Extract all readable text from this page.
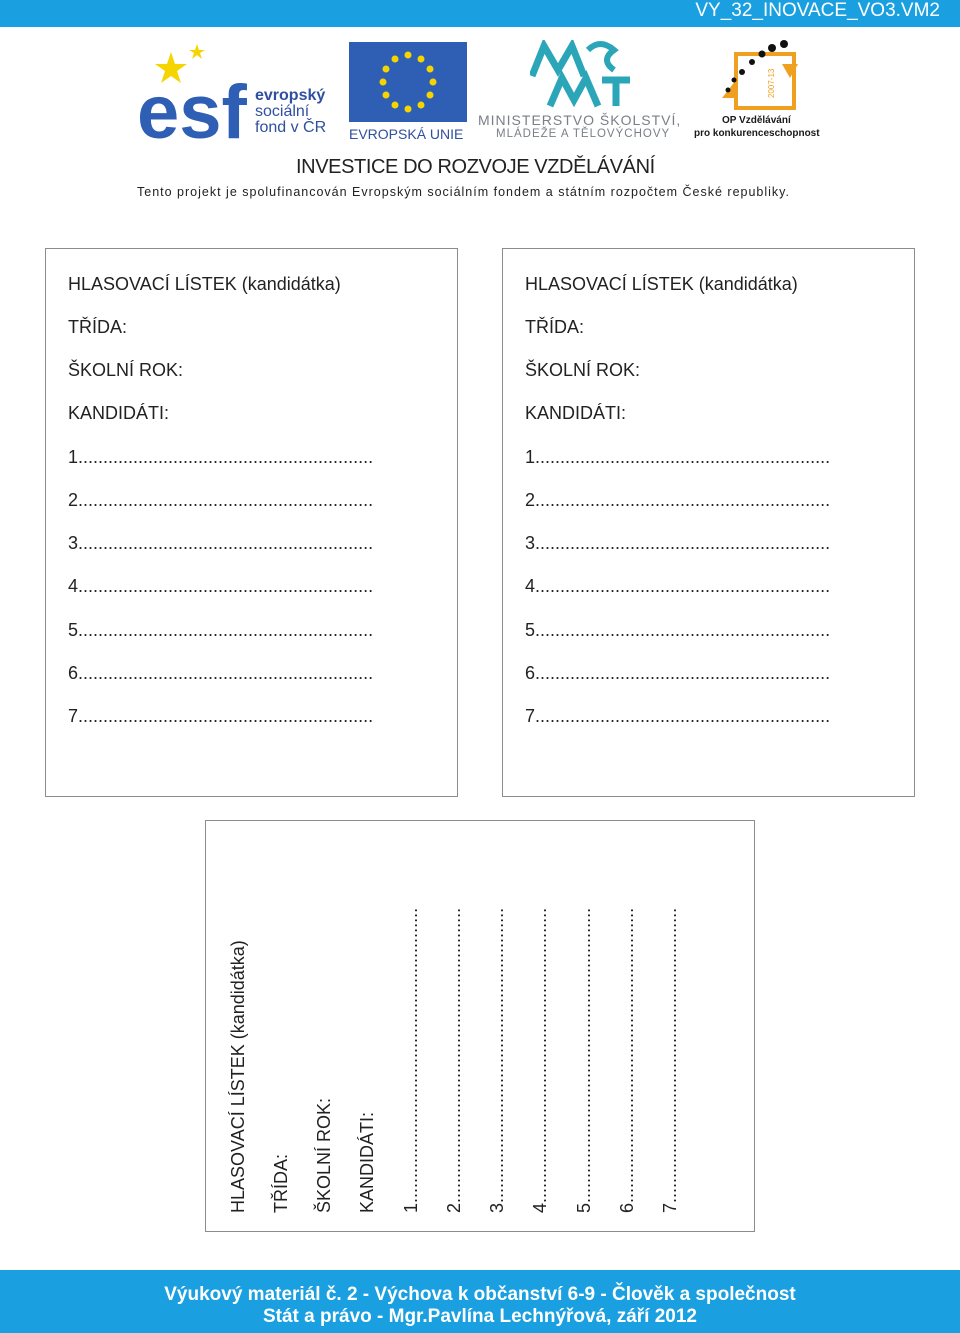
VY_32_INOVACE_VO3.VM2
esf evropský
sociální
fond v ČR EVROPSKÁ UNIE
MINISTERSTVO ŠKOLSTVÍ,
MLÁDEŽE A TĚLOVÝCHOVY
2007-13
OP Vzdělávání
pro konkurenceschopnost
INVESTICE DO ROZVOJE VZDĚLÁVÁNÍ
Tento projekt je spolufinancován Evropským sociálním fondem a státním rozpočtem České republiky.
HLASOVACÍ LÍSTEK (kandidátka)
TŘÍDA:
ŠKOLNÍ ROK:
KANDIDÁTI:
1...........................................................
2...........................................................
3...........................................................
4...........................................................
5...........................................................
6...........................................................
7...........................................................
HLASOVACÍ LÍSTEK (kandidátka)
TŘÍDA:
ŠKOLNÍ ROK:
KANDIDÁTI:
1...........................................................
2...........................................................
3...........................................................
4...........................................................
5...........................................................
6...........................................................
7...........................................................
HLASOVACÍ LÍSTEK (kandidátka) TŘÍDA: ŠKOLNÍ ROK: KANDIDÁTI: 1........................................................... 2........................................................... 3........................................................... 4........................................................... 5........................................................... 6........................................................... 7...........................................................
Výukový materiál č. 2 - Výchova k občanství 6-9 - Člověk a společnost
Stát a právo - Mgr.Pavlína Lechnýřová, září 2012
